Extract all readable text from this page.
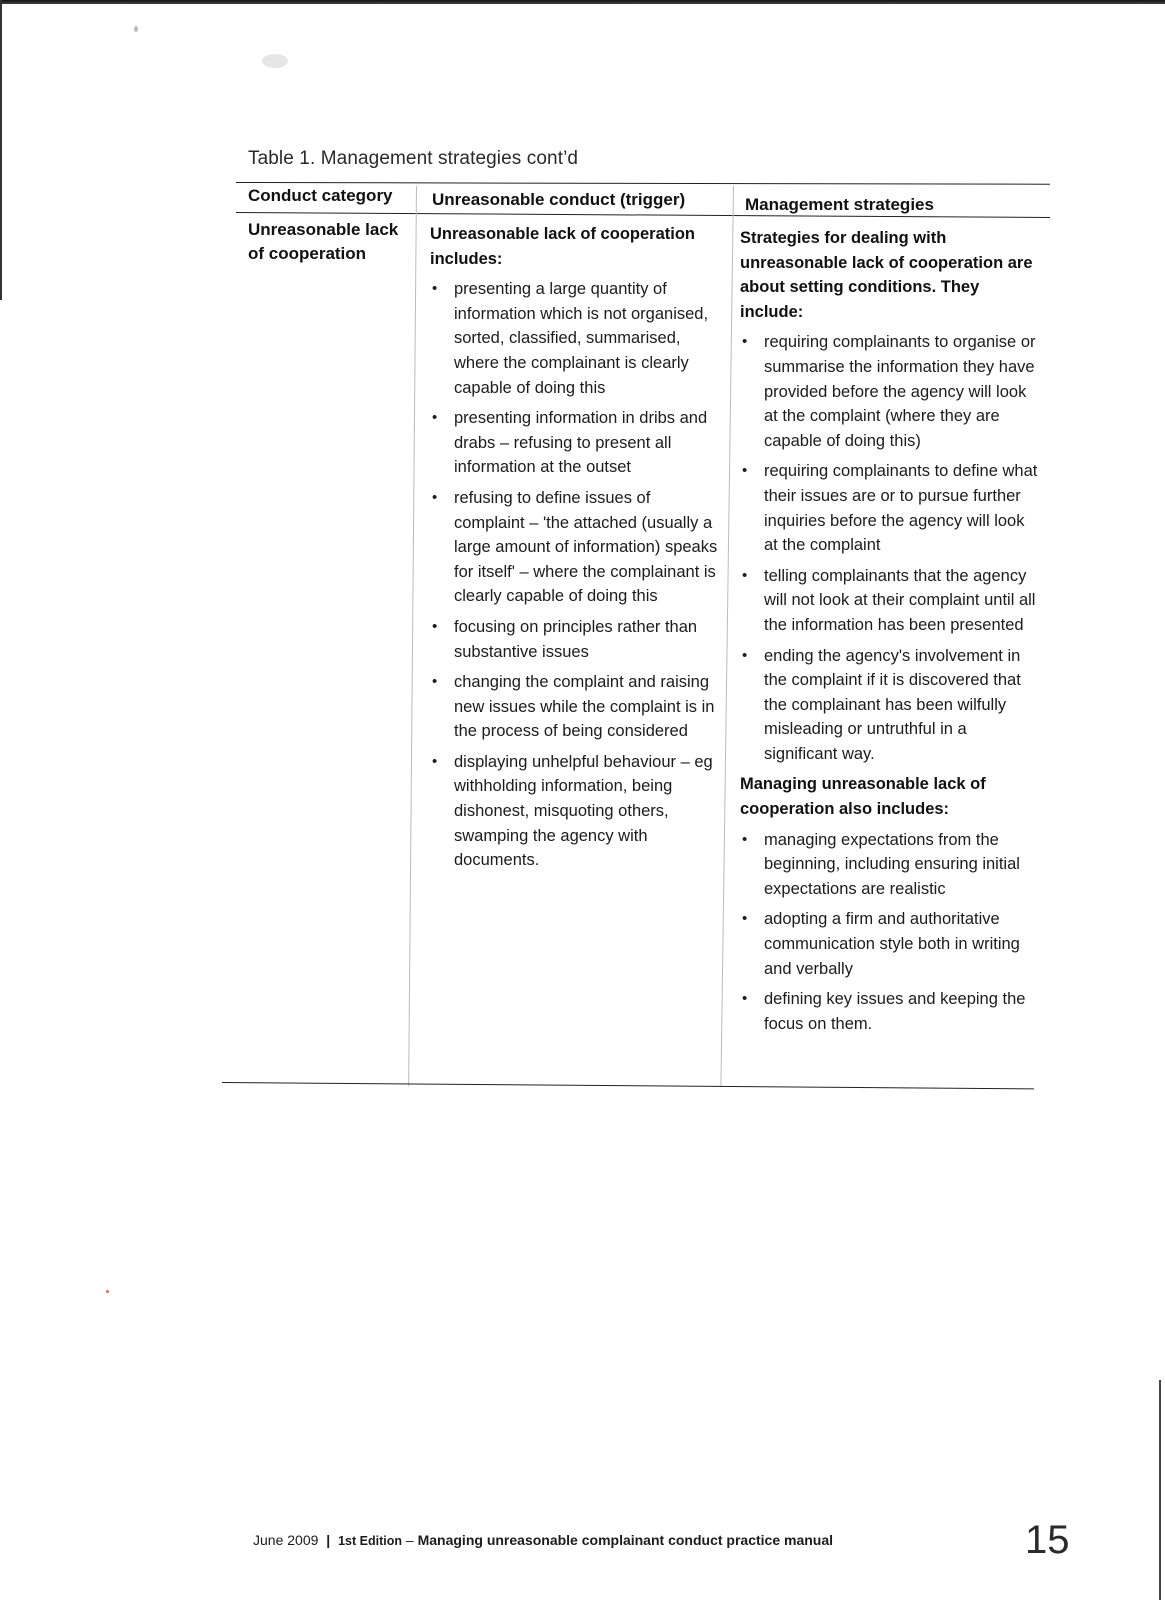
Table 1. Management strategies cont’d
Conduct category Unreasonable conduct (trigger)	Management strategies
Unreasonable lack of cooperation

Unreasonable lack of cooperation includes:

• presenting a large quantity of information which is not organised, sorted, classified, summarised, where the complainant is clearly capable of doing this
• presenting information in dribs and drabs – refusing to present all information at the outset
• refusing to define issues of complaint – 'the attached (usually a large amount of information) speaks for itself' – where the complainant is clearly capable of doing this
• focusing on principles rather than substantive issues
• changing the complaint and raising new issues while the complaint is in the process of being considered
• displaying unhelpful behaviour – eg withholding information, being dishonest, misquoting others, swamping the agency with documents.

Strategies for dealing with unreasonable lack of cooperation are about setting conditions. They include:

• requiring complainants to organise or summarise the information they have provided before the agency will look at the complaint (where they are capable of doing this)
• requiring complainants to define what their issues are or to pursue further inquiries before the agency will look at the complaint
• telling complainants that the agency will not look at their complaint until all the information has been presented
• ending the agency's involvement in the complaint if it is discovered that the complainant has been wilfully misleading or untruthful in a significant way.

Managing unreasonable lack of cooperation also includes:

• managing expectations from the beginning, including ensuring initial expectations are realistic
• adopting a firm and authoritative communication style both in writing and verbally
• defining key issues and keeping the focus on them.
June 2009 | 1st Edition – Managing unreasonable complainant conduct practice manual	15
